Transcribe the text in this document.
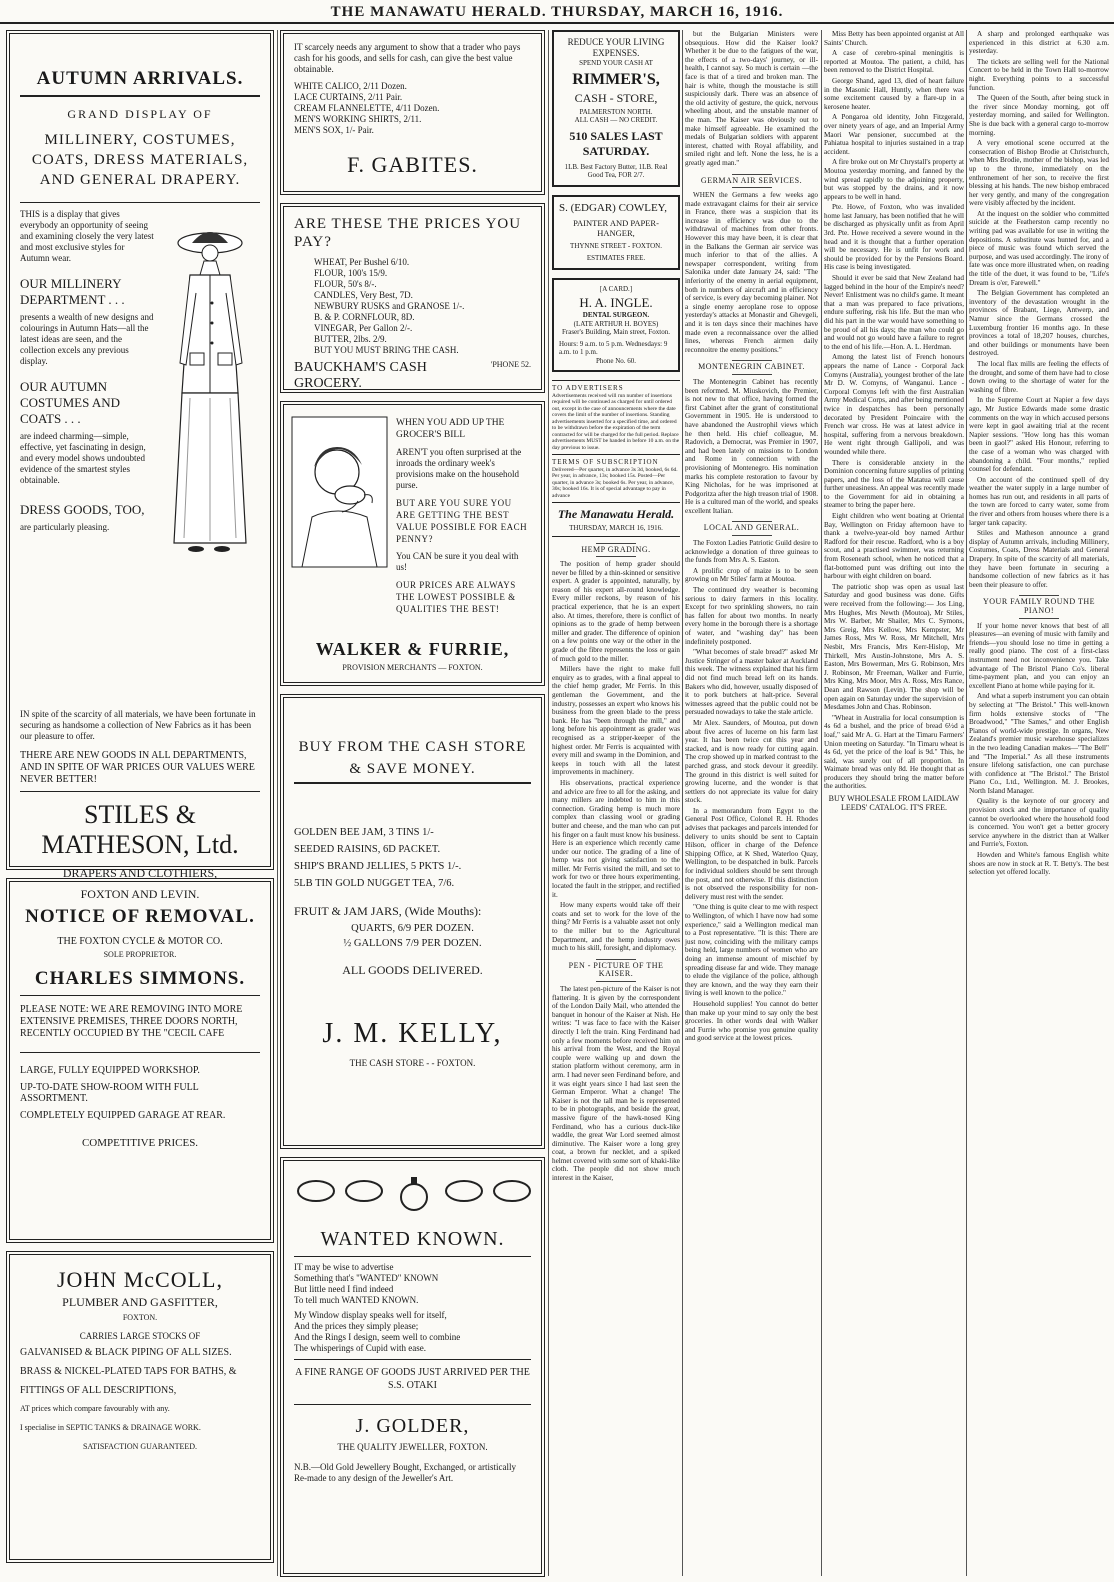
THE MANAWATU HERALD. THURSDAY, MARCH 16, 1916.
AUTUMN ARRIVALS.
GRAND DISPLAY OF
MILLINERY, COSTUMES, COATS, DRESS MATERIALS, AND GENERAL DRAPERY.
THIS is a display that gives everybody an opportunity of seeing and examining closely the very latest and most exclusive styles for Autumn wear.
OUR MILLINERY DEPARTMENT . . .
presents a wealth of new designs and colourings in Autumn Hats—all the latest ideas are seen, and the collection excels any previous display.
OUR AUTUMN COSTUMES AND COATS . . .
are indeed charming—simple, effective, yet fascinating in design, and every model shows undoubted evidence of the smartest styles obtainable.
DRESS GOODS, TOO,
are particularly pleasing.
IN spite of the scarcity of all materials, we have been fortunate in securing as handsome a collection of New Fabrics as it has been our pleasure to offer.
THERE ARE NEW GOODS IN ALL DEPARTMENTS, AND IN SPITE OF WAR PRICES OUR VALUES WERE NEVER BETTER!
STILES & MATHESON, Ltd.
DRAPERS AND CLOTHIERS,
FOXTON AND LEVIN.
NOTICE OF REMOVAL.
THE FOXTON CYCLE & MOTOR CO.
SOLE PROPRIETOR.
CHARLES SIMMONS.
PLEASE NOTE: WE ARE REMOVING INTO MORE EXTENSIVE PREMISES, THREE DOORS NORTH, RECENTLY OCCUPIED BY THE "CECIL CAFE
LARGE, FULLY EQUIPPED WORKSHOP.
UP-TO-DATE SHOW-ROOM WITH FULL ASSORTMENT.
COMPLETELY EQUIPPED GARAGE AT REAR.
COMPETITIVE PRICES.
JOHN McCOLL,
PLUMBER AND GASFITTER,
FOXTON.
CARRIES LARGE STOCKS OF
GALVANISED & BLACK PIPING OF ALL SIZES.
BRASS & NICKEL-PLATED TAPS FOR BATHS, &
FITTINGS OF ALL DESCRIPTIONS,
AT prices which compare favourably with any.
I specialise in SEPTIC TANKS & DRAINAGE WORK.
SATISFACTION GUARANTEED.
IT scarcely needs any argument to show that a trader who pays cash for his goods, and sells for cash, can give the best value obtainable.
WHITE CALICO, 2/11 Dozen.
LACE CURTAINS, 2/11 Pair.
CREAM FLANNELETTE, 4/11 Dozen.
MEN'S WORKING SHIRTS, 2/11.
MEN'S SOX, 1/- Pair.
F. GABITES.
ARE THESE THE PRICES YOU PAY?
WHEAT, Per Bushel 6/10.
FLOUR, 100's 15/9.
FLOUR, 50's 8/-.
CANDLES, Very Best, 7D.
NEWBURY RUSKS and GRANOSE 1/-.
B. & P. CORNFLOUR, 8D.
VINEGAR, Per Gallon 2/-.
BUTTER, 2lbs. 2/9.
BUT YOU MUST BRING THE CASH.
BAUCKHAM'S CASH GROCERY.
'PHONE 52.
WHEN YOU ADD UP THE GROCER'S BILL
AREN'T you often surprised at the inroads the ordinary week's provisions make on the household purse.
BUT ARE YOU SURE YOU ARE GETTING THE BEST VALUE POSSIBLE FOR EACH PENNY?
You CAN be sure it you deal with us!
OUR PRICES ARE ALWAYS THE LOWEST POSSIBLE & QUALITIES THE BEST!
WALKER & FURRIE,
PROVISION MERCHANTS — FOXTON.
BUY FROM THE CASH STORE & SAVE MONEY.
GOLDEN BEE JAM, 3 TINS 1/-
SEEDED RAISINS, 6D PACKET.
SHIP'S BRAND JELLIES, 5 PKTS 1/-.
5LB TIN GOLD NUGGET TEA, 7/6.
FRUIT & JAM JARS, (Wide Mouths):
QUARTS, 6/9 PER DOZEN.
½ GALLONS 7/9 PER DOZEN.
ALL GOODS DELIVERED.
J. M. KELLY,
THE CASH STORE - - FOXTON.
WANTED KNOWN.
IT may be wise to advertise
Something that's "WANTED" KNOWN
But little need I find indeed
To tell much WANTED KNOWN.
My Window display speaks well for itself,
And the prices they simply please;
And the Rings I design, seem well to combine
The whisperings of Cupid with ease.
A FINE RANGE OF GOODS JUST ARRIVED PER THE S.S. OTAKI
J. GOLDER,
THE QUALITY JEWELLER, FOXTON.
N.B.—Old Gold Jewellery Bought, Exchanged, or artistically Re-made to any design of the Jeweller's Art.
REDUCE YOUR LIVING EXPENSES.
SPEND YOUR CASH AT
RIMMER'S,
CASH - STORE,
PALMERSTON NORTH.
ALL CASH — NO CREDIT.
510 SALES LAST SATURDAY.
1LB. Best Factory Butter, 1LB. Real Good Tea, FOR 2/7.
S. (EDGAR) COWLEY,
PAINTER AND PAPER-HANGER,
THYNNE STREET - FOXTON.
ESTIMATES FREE.
[A CARD.]
H. A. INGLE.
DENTAL SURGEON.
(LATE ARTHUR H. BOYES)
Fraser's Building, Main street, Foxton.
Hours: 9 a.m. to 5 p.m. Wednesdays: 9 a.m. to 1 p.m.
Phone No. 60.
TO ADVERTISERS
Advertisements received will run number of insertions required will be continued as charged for until ordered out, except in the case of announcements where the date covers the limit of the number of insertions. Standing advertisements inserted for a specified time, and ordered to be withdrawn before the expiration of the term contracted for will be charged for the full period. Replace advertisements MUST be handed in before 10 a.m. on the day previous to issue.
TERMS OF SUBSCRIPTION
Delivered—Per quarter, in advance 3s 3d, booked, 6s 6d. Per year, in advance, 13s; booked 15s. Posted—Per quarter, in advance 3s; booked 6s. Per year, in advance, 30s; booked 16s. It is of special advantage to pay in advance
The Manawatu Herald.
THURSDAY, MARCH 16, 1916.
HEMP GRADING.

The position of hemp grader should never be filled by a thin-skinned or sensitive expert. A grader is appointed, naturally, by reason of his expert all-round knowledge. Every miller reckons, by reason of his practical experience, that he is an expert also. At times, therefore, there is conflict of opinions as to the grade of hemp between miller and grader. The difference of opinion on a few points one way or the other in the grade of the fibre represents the loss or gain of much gold to the miller.

Millers have the right to make full enquiry as to grades, with a final appeal to the chief hemp grader, Mr Ferris. In this gentleman the Government, and the industry, possesses an expert who knows his business from the green blade to the press bank. He has "been through the mill," and long before his appointment as grader was recognised as a stripper-keeper of the highest order. Mr Ferris is acquainted with every mill and swamp in the Dominion, and keeps in touch with all the latest improvements in machinery.

His observations, practical experience and advice are free to all for the asking, and many millers are indebted to him in this connection. Grading hemp is much more complex than classing wool or grading butter and cheese, and the man who can put his finger on a fault must know his business. Here is an experience which recently came under our notice. The grading of a line of hemp was not giving satisfaction to the miller. Mr Ferris visited the mill, and set to work for two or three hours experimenting, located the fault in the stripper, and rectified it.

How many experts would take off their coats and set to work for the love of the thing? Mr Ferris is a valuable asset not only to the miller but to the Agricultural Department, and the hemp industry owes much to his skill, foresight, and diplomacy.

PEN - PICTURE OF THE KAISER.

The latest pen-picture of the Kaiser is not flattering. It is given by the correspondent of the London Daily Mail, who attended the banquet in honour of the Kaiser at Nish. He writes: "I was face to face with the Kaiser directly I left the train. King Ferdinand had only a few moments before received him on his arrival from the West, and the Royal couple were walking up and down the station platform without ceremony, arm in arm. I had never seen Ferdinand before, and it was eight years since I had last seen the German Emperor. What a change! The Kaiser is not the tall man he is represented to be in photographs, and beside the great, massive figure of the hawk-nosed King Ferdinand, who has a curious duck-like waddle, the great War Lord seemed almost diminutive. The Kaiser wore a long grey coat, a brown fur necklet, and a spiked helmet covered with some sort of khaki-like cloth. The people did not show much interest in the Kaiser,

but the Bulgarian Ministers were obsequious. How did the Kaiser look? Whether it be due to the fatigues of the war, the effects of a two-days' journey, or ill-health, I cannot say. So much is certain —the face is that of a tired and broken man. The hair is white, though the moustache is still suspiciously dark. There was an absence of the old activity of gesture, the quick, nervous wheeling about, and the unstable manner of the man. The Kaiser was obviously out to make himself agreeable. He examined the medals of Bulgarian soldiers with apparent interest, chatted with Royal affability, and smiled right and left. None the less, he is a greatly aged man."

GERMAN AIR SERVICES.

WHEN the Germans a few weeks ago made extravagant claims for their air service in France, there was a suspicion that its increase in efficiency was due to the withdrawal of machines from other fronts. However this may have been, it is clear that in the Balkans the German air service was much inferior to that of the allies. A newspaper correspondent, writing from Salonika under date January 24, said: "The inferiority of the enemy in aerial equipment, both in numbers of aircraft and in efficiency of service, is every day becoming plainer. Not a single enemy aeroplane rose to oppose yesterday's attacks at Monastir and Ghevgeli, and it is ten days since their machines have made even a reconnaissance over the allied lines, whereas French airmen daily reconnoitre the enemy positions."

MONTENEGRIN CABINET.

The Montenegrin Cabinet has recently been reformed. M. Miuskovich, the Premier, is not new to that office, having formed the first Cabinet after the grant of constitutional Government in 1905. He is understood to have abandoned the Austrophil views which he then held. His chief colleague, M. Radovich, a Democrat, was Premier in 1907, and had been lately on missions to London and Rome in connection with the provisioning of Montenegro. His nomination marks his complete restoration to favour by King Nicholas, for he was imprisoned at Podgoritza after the high treason trial of 1908. He is a cultured man of the world, and speaks excellent Italian.

LOCAL AND GENERAL.

The Foxton Ladies Patriotic Guild desire to acknowledge a donation of three guineas to the funds from Mrs A. S. Easton.

A prolific crop of maize is to be seen growing on Mr Stiles' farm at Moutoa.

The continued dry weather is becoming serious to dairy farmers in this locality. Except for two sprinkling showers, no rain has fallen for about two months. In nearly every home in the borough there is a shortage of water, and "washing day" has been indefinitely postponed.

"What becomes of stale bread?" asked Mr Justice Stringer of a master baker at Auckland this week. The witness explained that his firm did not find much bread left on its hands. Bakers who did, however, usually disposed of it to pork butchers at halt-price. Several witnesses agreed that the public could not be persuaded nowadays to take the stale article.

Mr Alex. Saunders, of Moutoa, put down about five acres of lucerne on his farm last year. It has been twice cut this year and stacked, and is now ready for cutting again. The crop showed up in marked contrast to the parched grass, and stock devour it greedily. The ground in this district is well suited for growing lucerne, and the wonder is that settlers do not appreciate its value for dairy stock.

In a memorandum from Egypt to the General Post Office, Colonel R. H. Rhodes advises that packages and parcels intended for delivery to units should be sent to Captain Hilson, officer in charge of the Defence Shipping Office, at K Shed, Waterloo Quay, Wellington, to be despatched in bulk. Parcels for individual soldiers should be sent through the post, and not otherwise. If this distinction is not observed the responsibility for non-delivery must rest with the sender.

"One thing is quite clear to me with respect to Wellington, of which I have now had some experience," said a Wellington medical man to a Post representative. "It is this: There are just now, coinciding with the military camps being held, large numbers of women who are doing an immense amount of mischief by spreading disease far and wide. They manage to elude the vigilance of the police, although they are known, and the way they earn their living is well known to the police."

Household supplies! You cannot do better than make up your mind to say only the best groceries. In other words deal with Walker and Furrie who promise you genuine quality and good service at the lowest prices.

Miss Betty has been appointed organist at All Saints' Church.

A case of cerebro-spinal meningitis is reported at Moutoa. The patient, a child, has been removed to the District Hospital.

George Shand, aged 13, died of heart failure in the Masonic Hall, Huntly, when there was some excitement caused by a flare-up in a kerosene heater.

A Pongaroa old identity, John Fitzgerald, over ninety years of age, and an Imperial Army Maori War pensioner, succumbed at the Pahiatua hospital to injuries sustained in a trap accident.

A fire broke out on Mr Chrystall's property at Moutoa yesterday morning, and fanned by the wind spread rapidly to the adjoining property, but was stopped by the drains, and it now appears to be well in hand.

Pte. Howe, of Foxton, who was invalided home last January, has been notified that he will be discharged as physically unfit as from April 3rd. Pte. Howe received a severe wound in the head and it is thought that a further operation will be necessary. He is unfit for work and should be provided for by the Pensions Board. His case is being investigated.

Should it ever be said that New Zealand had lagged behind in the hour of the Empire's need? Never! Enlistment was no child's game. It meant that a man was prepared to face privations, endure suffering, risk his life. But the man who did his part in the war would have something to be proud of all his days; the man who could go and would not go would have a failure to regret to the end of his life.—Hon. A. L. Herdman.

Among the latest list of French honours appears the name of Lance - Corporal Jack Comyns (Australia), youngest brother of the late Mr D. W. Comyns, of Wanganui. Lance - Corporal Comyns left with the first Australian Army Medical Corps, and after being mentioned twice in despatches has been personally decorated by President Poincaire with the French war cross. He was at latest advice in hospital, suffering from a nervous breakdown. He went right through Gallipoli, and was wounded while there.

There is considerable anxiety in the Dominion concerning future supplies of printing papers, and the loss of the Matatua will cause further uneasiness. An appeal was recently made to the Government for aid in obtaining a steamer to bring the paper here.

Eight children who went boating at Oriental Bay, Wellington on Friday afternoon have to thank a twelve-year-old boy named Arthur Radford for their rescue. Radford, who is a boy scout, and a practised swimmer, was returning from Roseneath school, when he noticed that a flat-bottomed punt was drifting out into the harbour with eight children on board.

The patriotic shop was open as usual last Saturday and good business was done. Gifts were received from the following:— Jos Ling, Mrs Hughes, Mrs Newth (Moutoa), Mr Stiles, Mrs W. Barber, Mr Shailer, Mrs C. Symons, Mrs Greig, Mrs Kellow, Mrs Kempster, Mr James Ross, Mrs W. Ross, Mr Mitchell, Mrs Nesbit, Mrs Francis, Mrs Kerr-Hislop, Mr Thirkell, Mrs Austin-Johnstone, Mrs A. S. Easton, Mrs Bowerman, Mrs G. Robinson, Mrs J. Robinson, Mr Freeman, Walker and Furrie, Mrs King, Mrs Moor, Mrs A. Ross, Mrs Rance, Dean and Rawson (Levin). The shop will be open again on Saturday under the supervision of Mesdames John and Chas. Robinson.

"Wheat in Australia for local consumption is 4s 6d a bushel, and the price of bread 6½d a loaf," said Mr A. G. Hart at the Timaru Farmers' Union meeting on Saturday. "In Timaru wheat is 4s 6d, yet the price of the loaf is 9d." This, he said, was surely out of all proportion. In Waimate bread was only 8d. He thought that as producers they should bring the matter before the authorities.

BUY WHOLESALE FROM LAIDLAW LEEDS' CATALOG. IT'S FREE.

A sharp and prolonged earthquake was experienced in this district at 6.30 a.m. yesterday.

The tickets are selling well for the National Concert to be held in the Town Hall to-morrow night. Everything points to a successful function.

The Queen of the South, after being stuck in the river since Monday morning, got off yesterday morning, and sailed for Wellington. She is due back with a general cargo to-morrow morning.

A very emotional scene occurred at the consecration of Bishop Brodie at Christchurch, when Mrs Brodie, mother of the bishop, was led up to the throne, immediately on the enthronement of her son, to receive the first blessing at his hands. The new bishop embraced her very gently, and many of the congregation were visibly affected by the incident.

At the inquest on the soldier who committed suicide at the Featherston camp recently no writing pad was available for use in writing the depositions. A substitute was hunted for, and a piece of music was found which served the purpose, and was used accordingly. The irony of fate was once more illustrated when, on reading the title of the duet, it was found to be, "Life's Dream is o'er, Farewell."

The Belgian Government has completed an inventory of the devastation wrought in the provinces of Brabant, Liege, Antwerp, and Namur since the Germans crossed the Luxemburg frontier 16 months ago. In these provinces a total of 18,207 houses, churches, and other buildings or monuments have been destroyed.

The local flax mills are feeling the effects of the drought, and some of them have had to close down owing to the shortage of water for the washing of fibre.

In the Supreme Court at Napier a few days ago, Mr Justice Edwards made some drastic comments on the way in which accused persons were kept in gaol awaiting trial at the recent Napier sessions. "How long has this woman been in gaol?" asked His Honour, referring to the case of a woman who was charged with abandoning a child. "Four months," replied counsel for defendant.

On account of the continued spell of dry weather the water supply in a large number of homes has run out, and residents in all parts of the town are forced to carry water, some from the river and others from houses where there is a larger tank capacity.

Stiles and Matheson announce a grand display of Autumn arrivals, including Millinery, Costumes, Coats, Dress Materials and General Drapery. In spite of the scarcity of all materials, they have been fortunate in securing a handsome collection of new fabrics as it has been their pleasure to offer.

YOUR FAMILY ROUND THE PIANO!

If your home never knows that best of all pleasures—an evening of music with family and friends—you should lose no time in getting a really good piano. The cost of a first-class instrument need not inconvenience you. Take advantage of The Bristol Piano Co's. liberal time-payment plan, and you can enjoy an excellent Piano at home while paying for it.

And what a superb instrument you can obtain by selecting at "The Bristol." This well-known firm holds extensive stocks of "The Broadwood," "The Sames," and other English Pianos of world-wide prestige. In organs, New Zealand's premier music warehouse specializes in the two leading Canadian makes—"The Bell" and "The Imperial." As all these instruments ensure lifelong satisfaction, one can purchase with confidence at "The Bristol." The Bristol Piano Co., Ltd., Wellington. M. J. Brookes, North Island Manager.

Quality is the keynote of our grocery and provision stock and the importance of quality cannot be overlooked where the household food is concerned. You won't get a better grocery service anywhere in the district than at Walker and Furrie's, Foxton.

Howden and White's famous English white shoes are now in stock at R. T. Betty's. The best selection yet offered locally.
